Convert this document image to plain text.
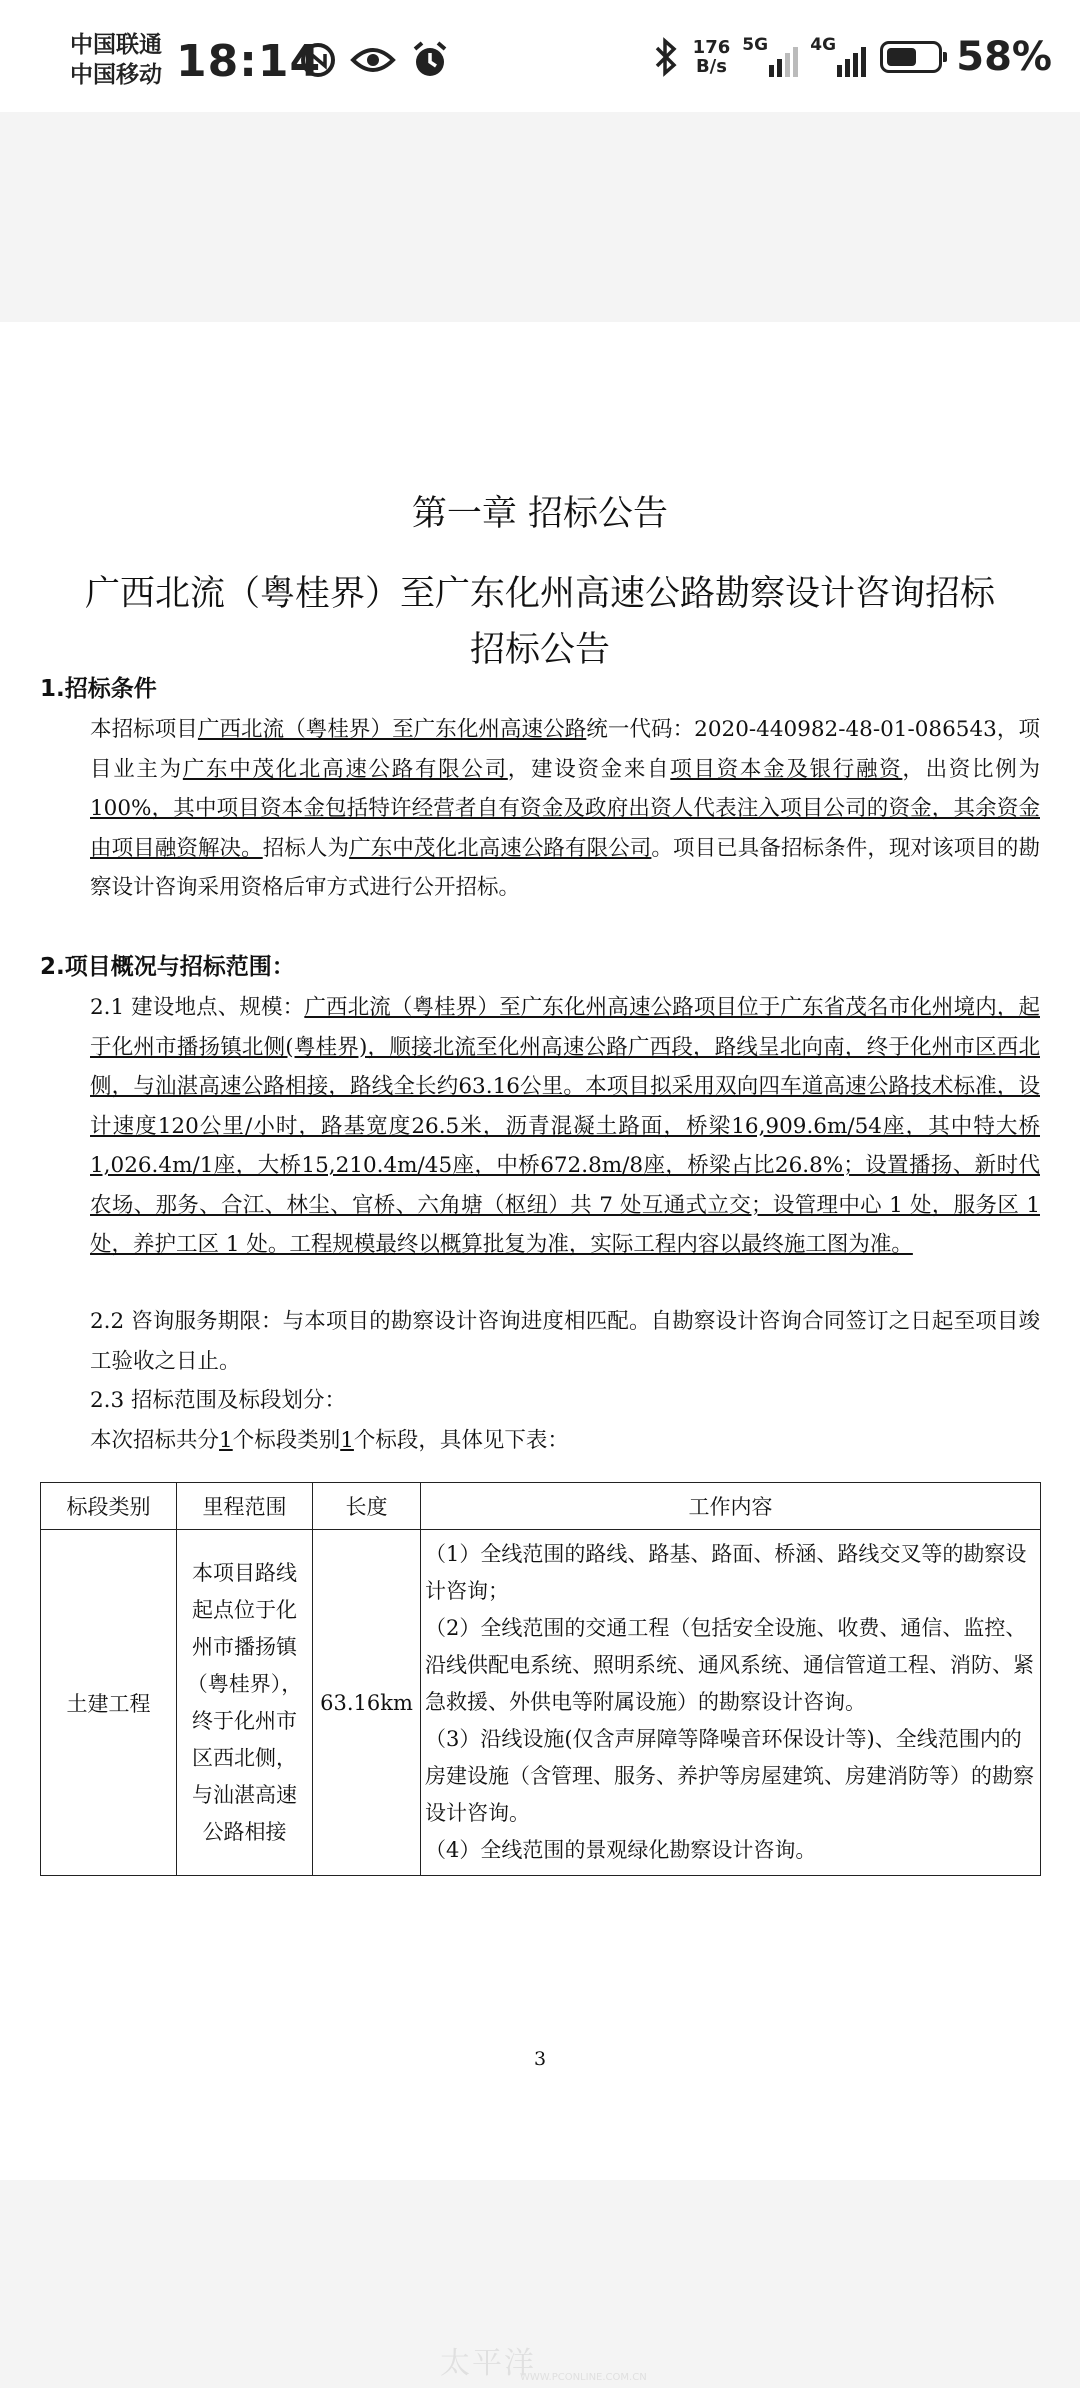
中国联通
中国移动 18:14	176
B/s
5G 4G	58%
第一章 招标公告
广西北流（粤桂界）至广东化州高速公路勘察设计咨询招标
招标公告
1.招标条件
本招标项目广西北流（粤桂界）至广东化州高速公路统一代码：2020-440982-48-01-086543，项目业主为广东中茂化北高速公路有限公司，建设资金来自项目资本金及银行融资，出资比例为100%，其中项目资本金包括特许经营者自有资金及政府出资人代表注入项目公司的资金，其余资金由项目融资解决。招标人为广东中茂化北高速公路有限公司。项目已具备招标条件，现对该项目的勘察设计咨询采用资格后审方式进行公开招标。
2.项目概况与招标范围：
2.1 建设地点、规模：广西北流（粤桂界）至广东化州高速公路项目位于广东省茂名市化州境内，起于化州市播扬镇北侧(粤桂界)，顺接北流至化州高速公路广西段，路线呈北向南，终于化州市区西北侧，与汕湛高速公路相接，路线全长约63.16公里。本项目拟采用双向四车道高速公路技术标准，设计速度120公里/小时，路基宽度26.5米，沥青混凝土路面，桥梁16,909.6m/54座，其中特大桥1,026.4m/1座，大桥15,210.4m/45座，中桥672.8m/8座，桥梁占比26.8%；设置播扬、新时代农场、那务、合江、林尘、官桥、六角塘（枢纽）共 7 处互通式立交；设管理中心 1 处，服务区 1 处，养护工区 1 处。工程规模最终以概算批复为准，实际工程内容以最终施工图为准。
2.2 咨询服务期限：与本项目的勘察设计咨询进度相匹配。自勘察设计咨询合同签订之日起至项目竣工验收之日止。
2.3 招标范围及标段划分：
本次招标共分1个标段类别1个标段，具体见下表：
标段类别	里程范围	长度	工作内容
土建工程	本项目路线起点位于化州市播扬镇（粤桂界），终于化州市区西北侧，与汕湛高速公路相接	63.16km	（1）全线范围的路线、路基、路面、桥涵、路线交叉等的勘察设计咨询；

（2）全线范围的交通工程（包括安全设施、收费、通信、监控、沿线供配电系统、照明系统、通风系统、通信管道工程、消防、紧急救援、外供电等附属设施）的勘察设计咨询。

（3）沿线设施(仅含声屏障等降噪音环保设计等)、全线范围内的房建设施（含管理、服务、养护等房屋建筑、房建消防等）的勘察设计咨询。

（4）全线范围的景观绿化勘察设计咨询。

3
太平洋
WWW.PCONLINE.COM.CN
